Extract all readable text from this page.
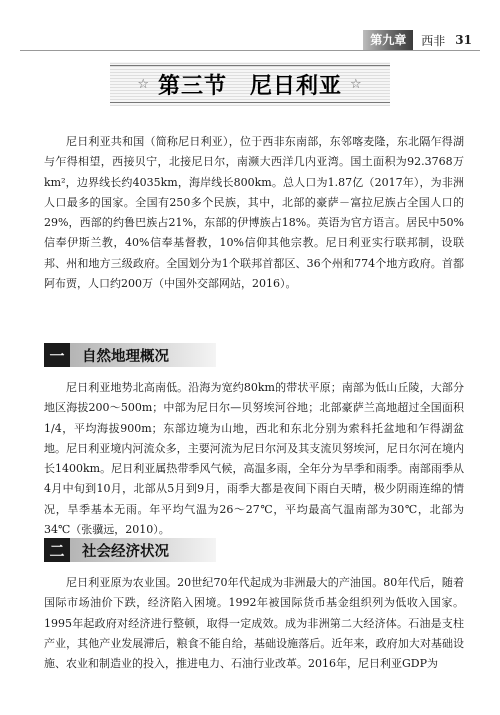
第九章	西非 31
☆ 第三节　尼日利亚 ☆

尼日利亚共和国（简称尼日利亚），位于西非东南部，东邻喀麦隆，东北隔乍得湖与乍得相望，西接贝宁，北接尼日尔，南濒大西洋几内亚湾。国土面积为92.3768万km²，边界线长约4035km，海岸线长800km。总人口为1.87亿（2017年），为非洲人口最多的国家。全国有250多个民族，其中，北部的豪萨－富拉尼族占全国人口的29%，西部的约鲁巴族占21%，东部的伊博族占18%。英语为官方语言。居民中50%信奉伊斯兰教，40%信奉基督教，10%信仰其他宗教。尼日利亚实行联邦制，设联邦、州和地方三级政府。全国划分为1个联邦首都区、36个州和774个地方政府。首都阿布贾，人口约200万（中国外交部网站，2016）。

一	自然地理概况

尼日利亚地势北高南低。沿海为宽约80km的带状平原；南部为低山丘陵，大部分地区海拔200～500m；中部为尼日尔—贝努埃河谷地；北部豪萨兰高地超过全国面积1/4，平均海拔900m；东部边境为山地，西北和东北分别为索科托盆地和乍得湖盆地。尼日利亚境内河流众多，主要河流为尼日尔河及其支流贝努埃河，尼日尔河在境内长1400km。尼日利亚属热带季风气候，高温多雨，全年分为旱季和雨季。南部雨季从4月中旬到10月，北部从5月到9月，雨季大都是夜间下雨白天晴，极少阴雨连绵的情况，旱季基本无雨。年平均气温为26～27℃，平均最高气温南部为30℃，北部为34℃（张骥远，2010）。

二	社会经济状况

尼日利亚原为农业国。20世纪70年代起成为非洲最大的产油国。80年代后，随着国际市场油价下跌，经济陷入困境。1992年被国际货币基金组织列为低收入国家。1995年起政府对经济进行整顿，取得一定成效。成为非洲第二大经济体。石油是支柱产业，其他产业发展滞后，粮食不能自给，基础设施落后。近年来，政府加大对基础设施、农业和制造业的投入，推进电力、石油行业改革。2016年，尼日利亚GDP为
